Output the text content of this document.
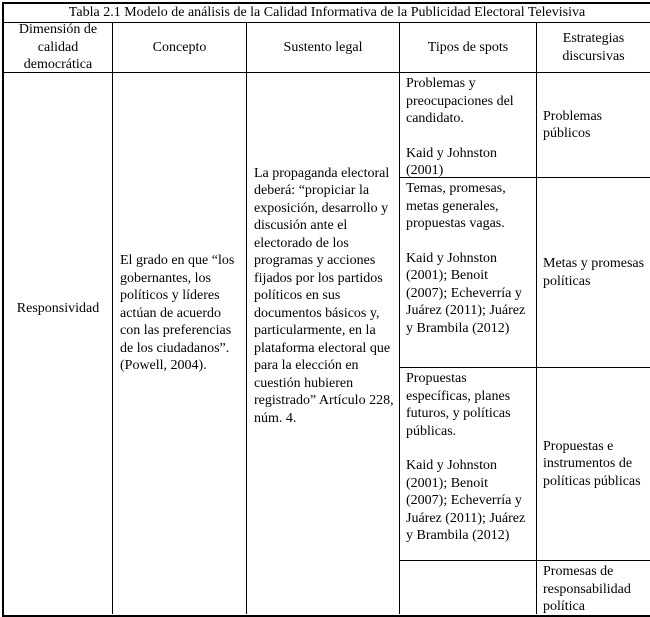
Tabla 2.1 Modelo de análisis de la Calidad Informativa de la Publicidad Electoral Televisiva
Dimensión de calidad democrática
Concepto	Sustento legal	Tipos de spots
Estrategias discursivas
Responsividad
El grado en que “los gobernantes, los políticos y líderes actúan de acuerdo con las preferencias de los ciudadanos”. (Powell, 2004).
La propaganda electoral deberá: “propiciar la exposición, desarrollo y discusión ante el electorado de los programas y acciones fijados por los partidos políticos en sus documentos básicos y, particularmente, en la plataforma electoral que para la elección en cuestión hubieren registrado” Artículo 228, núm. 4.
Problemas y preocupaciones del candidato.
Kaid y Johnston (2001)
Problemas públicos
Temas, promesas, metas generales, propuestas vagas.
Kaid y Johnston (2001); Benoit (2007); Echeverría y Juárez (2011); Juárez y Brambila (2012)
Metas y promesas políticas
Propuestas específicas, planes futuros, y políticas públicas.
Kaid y Johnston (2001); Benoit (2007); Echeverría y Juárez (2011); Juárez y Brambila (2012)
Propuestas e instrumentos de políticas públicas
Promesas de responsabilidad política
